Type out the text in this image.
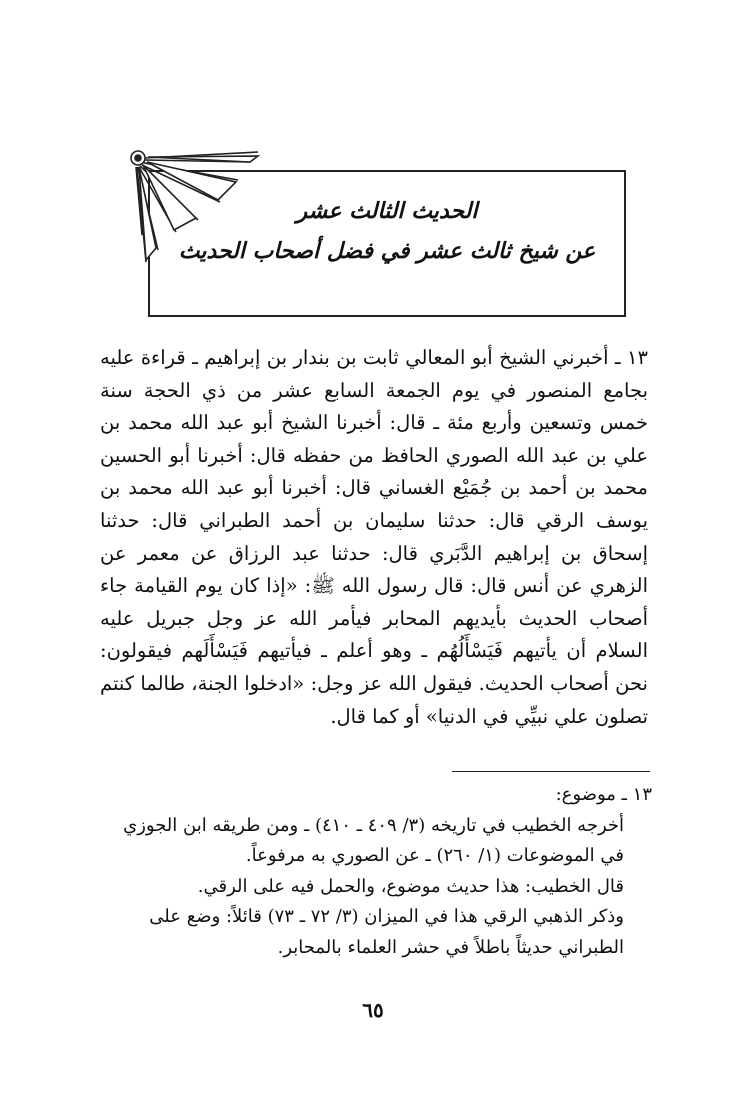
الحديث الثالث عشر
عن شيخ ثالث عشر في فضل أصحاب الحديث

١٣ ـ أخبرني الشيخ أبو المعالي ثابت بن بندار بن إبراهيم ـ قراءة عليه بجامع المنصور في يوم الجمعة السابع عشر من ذي الحجة سنة خمس وتسعين وأربع مئة ـ قال: أخبرنا الشيخ أبو عبد الله محمد بن علي بن عبد الله الصوري الحافظ من حفظه قال: أخبرنا أبو الحسين محمد بن أحمد بن جُمَيْع الغساني قال: أخبرنا أبو عبد الله محمد بن يوسف الرقي قال: حدثنا سليمان بن أحمد الطبراني قال: حدثنا إسحاق بن إبراهيم الدَّبَري قال: حدثنا عبد الرزاق عن معمر عن الزهري عن أنس قال: قال رسول الله ﷺ: «إذا كان يوم القيامة جاء أصحاب الحديث بأيديهم المحابر فيأمر الله عز وجل جبريل عليه السلام أن يأتيهم فَيَسْأَلُهُم ـ وهو أعلم ـ فيأتيهم فَيَسْأَلَهم فيقولون: نحن أصحاب الحديث. فيقول الله عز وجل: «ادخلوا الجنة، طالما كنتم تصلون علي نبيِّي في الدنيا» أو كما قال.

١٣ ـ موضوع:

أخرجه الخطيب في تاريخه (٣/ ٤٠٩ ـ ٤١٠) ـ ومن طريقه ابن الجوزي في الموضوعات (١/ ٢٦٠) ـ عن الصوري به مرفوعاً.

قال الخطيب: هذا حديث موضوع، والحمل فيه على الرقي.

وذكر الذهبي الرقي هذا في الميزان (٣/ ٧٢ ـ ٧٣) قائلاً: وضع على الطبراني حديثاً باطلاً في حشر العلماء بالمحابر.

٦٥
